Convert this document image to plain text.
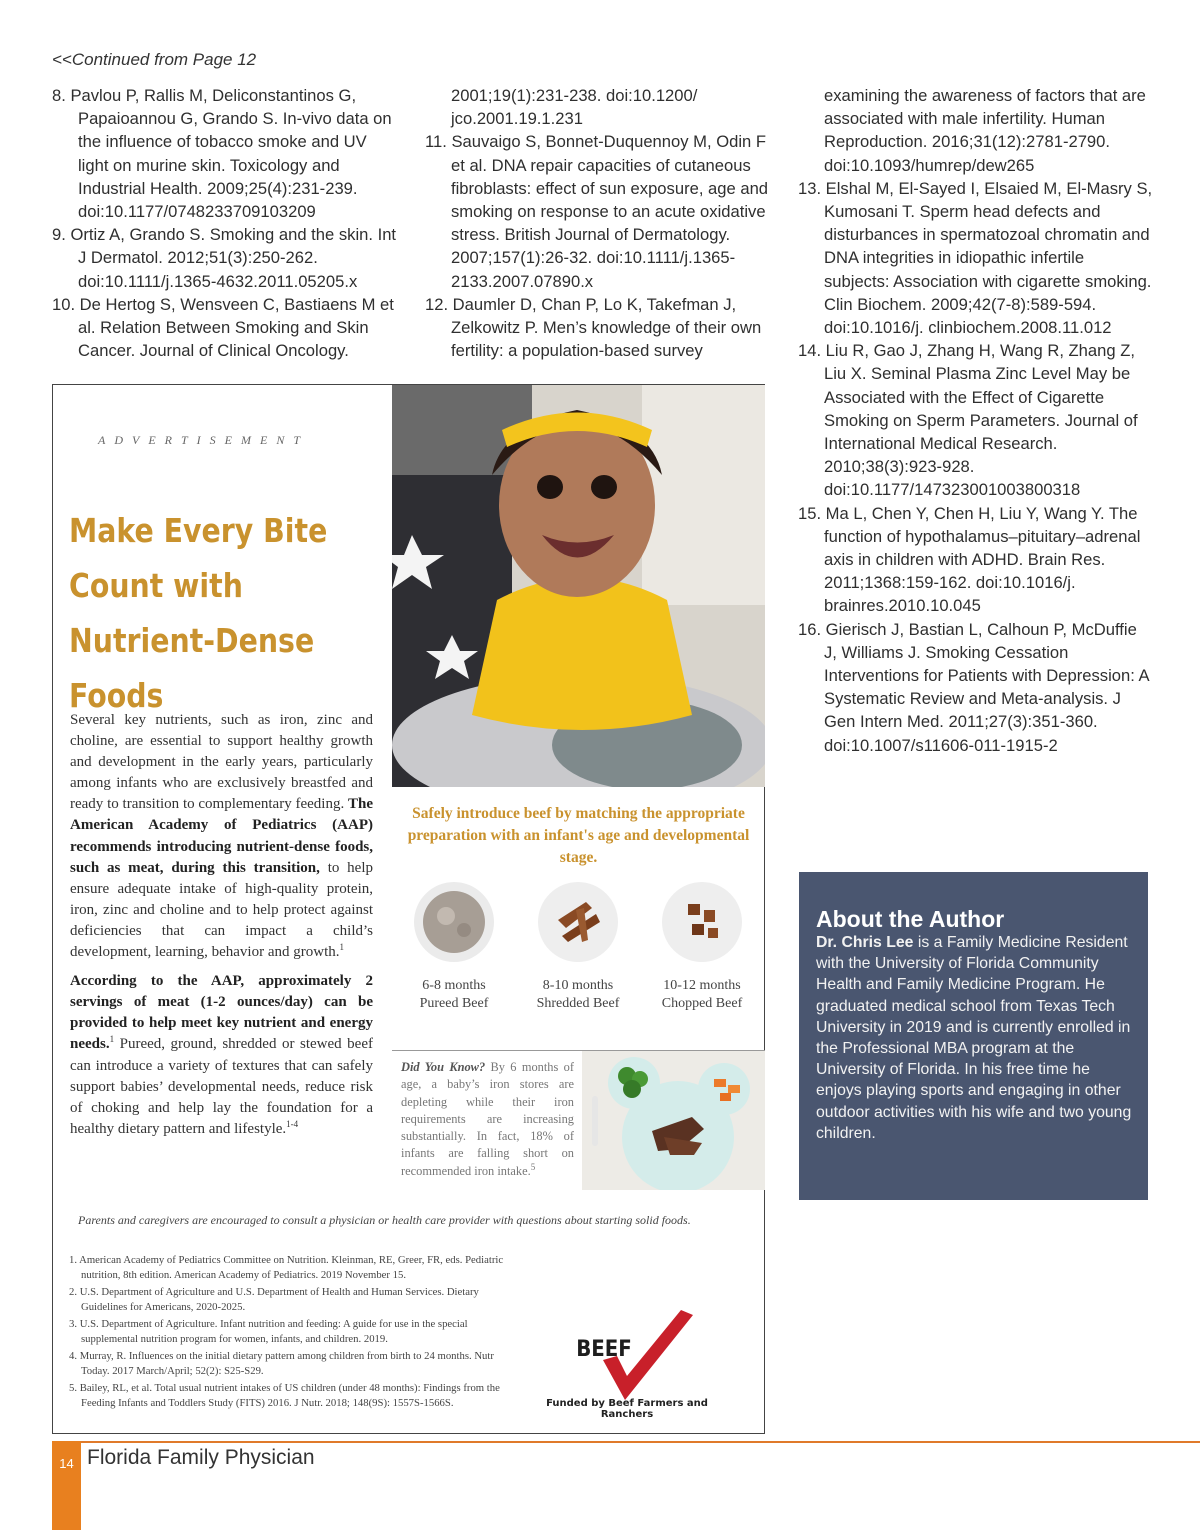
<<Continued from Page 12

8. Pavlou P, Rallis M, Deliconstantinos G, Papaioannou G, Grando S. In-vivo data on the influence of tobacco smoke and UV light on murine skin. Toxicology and Industrial Health. 2009;25(4):231-239. doi:10.1177/0748233709103209

9. Ortiz A, Grando S. Smoking and the skin. Int J Dermatol. 2012;51(3):250-262. doi:10.1111/j.1365-4632.2011.05205.x

10. De Hertog S, Wensveen C, Bastiaens M et al. Relation Between Smoking and Skin Cancer. Journal of Clinical Oncology.

2001;19(1):231-238. doi:10.1200/ jco.2001.19.1.231

11. Sauvaigo S, Bonnet-Duquennoy M, Odin F et al. DNA repair capacities of cutaneous fibroblasts: effect of sun exposure, age and smoking on response to an acute oxidative stress. British Journal of Dermatology. 2007;157(1):26-32. doi:10.1111/j.1365-2133.2007.07890.x

12. Daumler D, Chan P, Lo K, Takefman J, Zelkowitz P. Men’s knowledge of their own fertility: a population-based survey

examining the awareness of factors that are associated with male infertility. Human Reproduction. 2016;31(12):2781-2790. doi:10.1093/humrep/dew265

13. Elshal M, El-Sayed I, Elsaied M, El-Masry S, Kumosani T. Sperm head defects and disturbances in spermatozoal chromatin and DNA integrities in idiopathic infertile subjects: Association with cigarette smoking. Clin Biochem. 2009;42(7-8):589-594. doi:10.1016/j. clinbiochem.2008.11.012

14. Liu R, Gao J, Zhang H, Wang R, Zhang Z, Liu X. Seminal Plasma Zinc Level May be Associated with the Effect of Cigarette Smoking on Sperm Parameters. Journal of International Medical Research. 2010;38(3):923-928. doi:10.1177/147323001003800318

15. Ma L, Chen Y, Chen H, Liu Y, Wang Y. The function of hypothalamus–pituitary–adrenal axis in children with ADHD. Brain Res. 2011;1368:159-162. doi:10.1016/j. brainres.2010.10.045

16. Gierisch J, Bastian L, Calhoun P, McDuffie J, Williams J. Smoking Cessation Interventions for Patients with Depression: A Systematic Review and Meta-analysis. J Gen Intern Med. 2011;27(3):351-360. doi:10.1007/s11606-011-1915-2

ADVERTISEMENT
Make Every Bite
Count with
Nutrient-Dense Foods

Several key nutrients, such as iron, zinc and choline, are essential to support healthy growth and development in the early years, particularly among infants who are exclusively breastfed and ready to transition to complementary feeding. The American Academy of Pediatrics (AAP) recommends introducing nutrient-dense foods, such as meat, during this transition, to help ensure adequate intake of high-quality protein, iron, zinc and choline and to help protect against deficiencies that can impact a child’s development, learning, behavior and growth.$^1$

According to the AAP, approximately 2 servings of meat (1-2 ounces/day) can be provided to help meet key nutrient and energy needs.$^1$ Pureed, ground, shredded or stewed beef can introduce a variety of textures that can safely support babies’ developmental needs, reduce risk of choking and help lay the foundation for a healthy dietary pattern and lifestyle.$^{1-4}$

Safely introduce beef by matching the appropriate preparation with an infant's age and developmental stage.
6-8 months
Pureed Beef
8-10 months
Shredded Beef
10-12 months
Chopped Beef
Did You Know? By 6 months of age, a baby’s iron stores are depleting while their iron requirements are increasing substantially. In fact, 18% of infants are falling short on recommended iron intake.$^5$
Parents and caregivers are encouraged to consult a physician or health care provider with questions about starting solid foods.

1. American Academy of Pediatrics Committee on Nutrition. Kleinman, RE, Greer, FR, eds. Pediatric nutrition, 8th edition. American Academy of Pediatrics. 2019 November 15.

2. U.S. Department of Agriculture and U.S. Department of Health and Human Services. Dietary Guidelines for Americans, 2020-2025.

3. U.S. Department of Agriculture. Infant nutrition and feeding: A guide for use in the special supplemental nutrition program for women, infants, and children. 2019.

4. Murray, R. Influences on the initial dietary pattern among children from birth to 24 months. Nutr Today. 2017 March/April; 52(2): S25-S29.

5. Bailey, RL, et al. Total usual nutrient intakes of US children (under 48 months): Findings from the Feeding Infants and Toddlers Study (FITS) 2016. J Nutr. 2018; 148(9S): 1557S-1566S.

BEEF
Funded by Beef Farmers and Ranchers

About the Author

Dr. Chris Lee is a Family Medicine Resident with the University of Florida Community Health and Family Medicine Program. He graduated medical school from Texas Tech University in 2019 and is currently enrolled in the Professional MBA program at the University of Florida. In his free time he enjoys playing sports and engaging in other outdoor activities with his wife and two young children.

14 Florida Family Physician
